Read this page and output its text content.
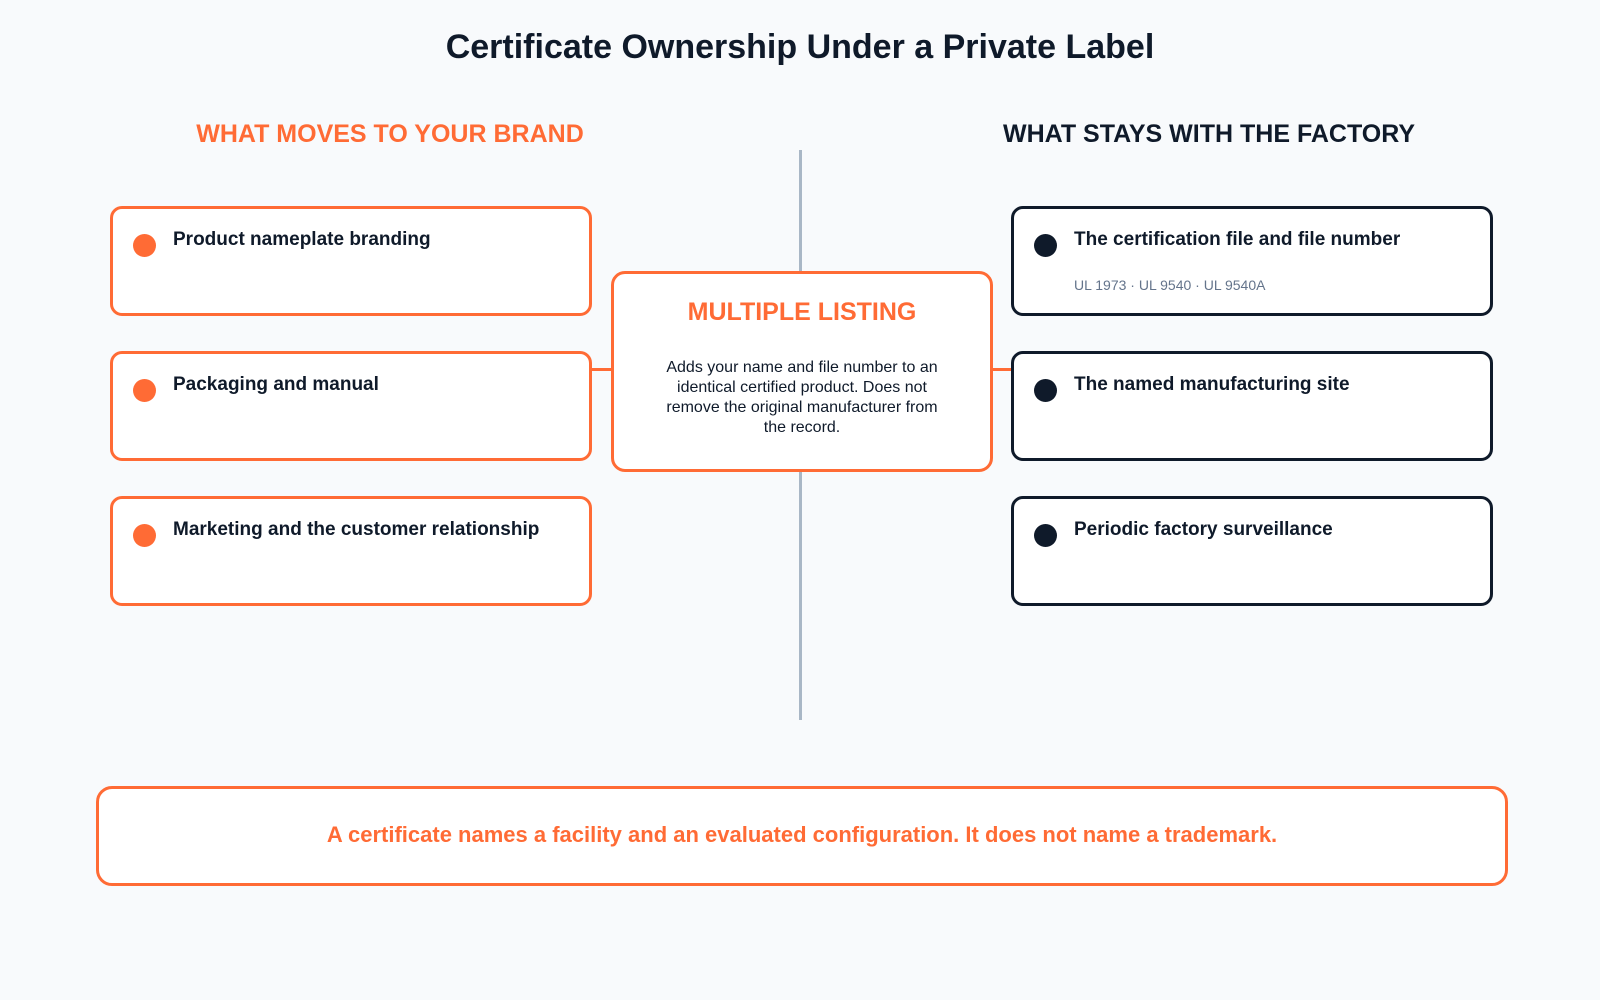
Certificate Ownership Under a Private Label
WHAT MOVES TO YOUR BRAND	WHAT STAYS WITH THE FACTORY
Product nameplate branding
Packaging and manual
Marketing and the customer relationship
The certification file and file number
UL 1973 · UL 9540 · UL 9540A
The named manufacturing site
Periodic factory surveillance
MULTIPLE LISTING
Adds your name and file number to an identical certified product. Does not remove the original manufacturer from the record.
A certificate names a facility and an evaluated configuration. It does not name a trademark.
